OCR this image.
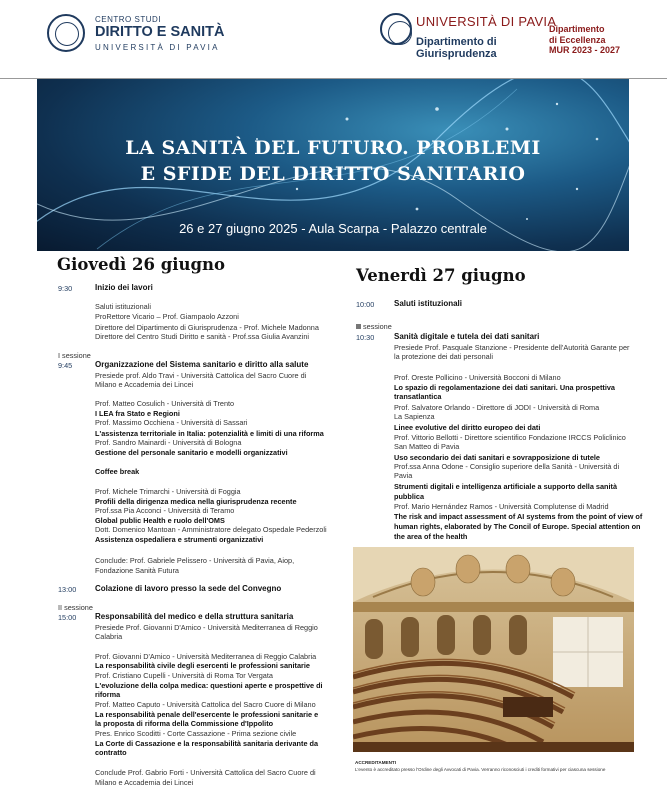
CENTRO STUDI
DIRITTO E SANITÀ
UNIVERSITÀ DI PAVIA
UNIVERSITÀ DI PAVIA
Dipartimento di
Giurisprudenza
Dipartimento
di Eccellenza
MUR 2023 - 2027
LA SANITÀ DEL FUTURO. PROBLEMI
E SFIDE DEL DIRITTO SANITARIO
26 e 27 giugno 2025 - Aula Scarpa - Palazzo centrale
Giovedì 26 giugno
9:30	Inizio dei lavori
Saluti istituzionali
ProRettore Vicario – Prof. Giampaolo Azzoni
Direttore del Dipartimento di Giurisprudenza - Prof. Michele Madonna
Direttore del Centro Studi Diritto e sanità - Prof.ssa Giulia Avanzini
I sessione
9:45	Organizzazione del Sistema sanitario e diritto alla salute
Presiede prof. Aldo Travi - Università Cattolica del Sacro Cuore di
Milano e Accademia dei Lincei
Prof. Matteo Cosulich - Università di Trento
I LEA fra Stato e Regioni
Prof. Massimo Occhiena - Università di Sassari
L'assistenza territoriale in Italia: potenzialità e limiti di una riforma
Prof. Sandro Mainardi - Università di Bologna
Gestione del personale sanitario e modelli organizzativi
Coffee break
Prof. Michele Trimarchi - Università di Foggia
Profili della dirigenza medica nella giurisprudenza recente
Prof.ssa Pia Acconci - Università di Teramo
Global public Health e ruolo dell'OMS
Dott. Domenico Mantoan - Amministratore delegato Ospedale Pederzoli
Assistenza ospedaliera e strumenti organizzativi
Conclude: Prof. Gabriele Pelissero - Università di Pavia, Aiop,
Fondazione Sanità Futura
13:00 Colazione di lavoro presso la sede del Convegno
II sessione
15:00 Responsabilità del medico e della struttura sanitaria
Presiede Prof. Giovanni D'Amico - Università Mediterranea di Reggio
Calabria
Prof. Giovanni D'Amico - Università Mediterranea di Reggio Calabria
La responsabilità civile degli esercenti le professioni sanitarie
Prof. Cristiano Cupelli - Università di Roma Tor Vergata
L'evoluzione della colpa medica: questioni aperte e prospettive di
riforma
Prof. Matteo Caputo - Università Cattolica del Sacro Cuore di Milano
La responsabilità penale dell'esercente le professioni sanitarie e
la proposta di riforma della Commissione d'Ippolito
Pres. Enrico Scoditti - Corte Cassazione - Prima sezione civile
La Corte di Cassazione e la responsabilità sanitaria derivante da
contratto
Conclude Prof. Gabrio Forti - Università Cattolica del Sacro Cuore di
Milano e Accademia dei Lincei
Venerdì 27 giugno
10:00 Saluti istituzionali
sessione
10:30 Sanità digitale e tutela dei dati sanitari
Presiede Prof. Pasquale Stanzione - Presidente dell'Autorità Garante per
la protezione dei dati personali
Prof. Oreste Pollicino - Università Bocconi di Milano
Lo spazio di regolamentazione dei dati sanitari. Una prospettiva
transatlantica
Prof. Salvatore Orlando - Direttore di JODI - Università di Roma
La Sapienza
Linee evolutive del diritto europeo dei dati
Prof. Vittorio Bellotti - Direttore scientifico Fondazione IRCCS Policlinico
San Matteo di Pavia
Uso secondario dei dati sanitari e sovrapposizione di tutele
Prof.ssa Anna Odone - Consiglio superiore della Sanità - Università di
Pavia
Strumenti digitali e intelligenza artificiale a supporto della sanità
pubblica
Prof. Mario Hernández Ramos - Università Complutense di Madrid
The risk and impact assessment of AI systems from the point of view of
human rights, elaborated by The Concil of Europe. Special attention on
the area of the health
ACCREDITAMENTI
L'evento è accreditato presso l'Ordine degli Avvocati di Pavia. Verranno riconosciuti i crediti formativi per ciascuna sessione
